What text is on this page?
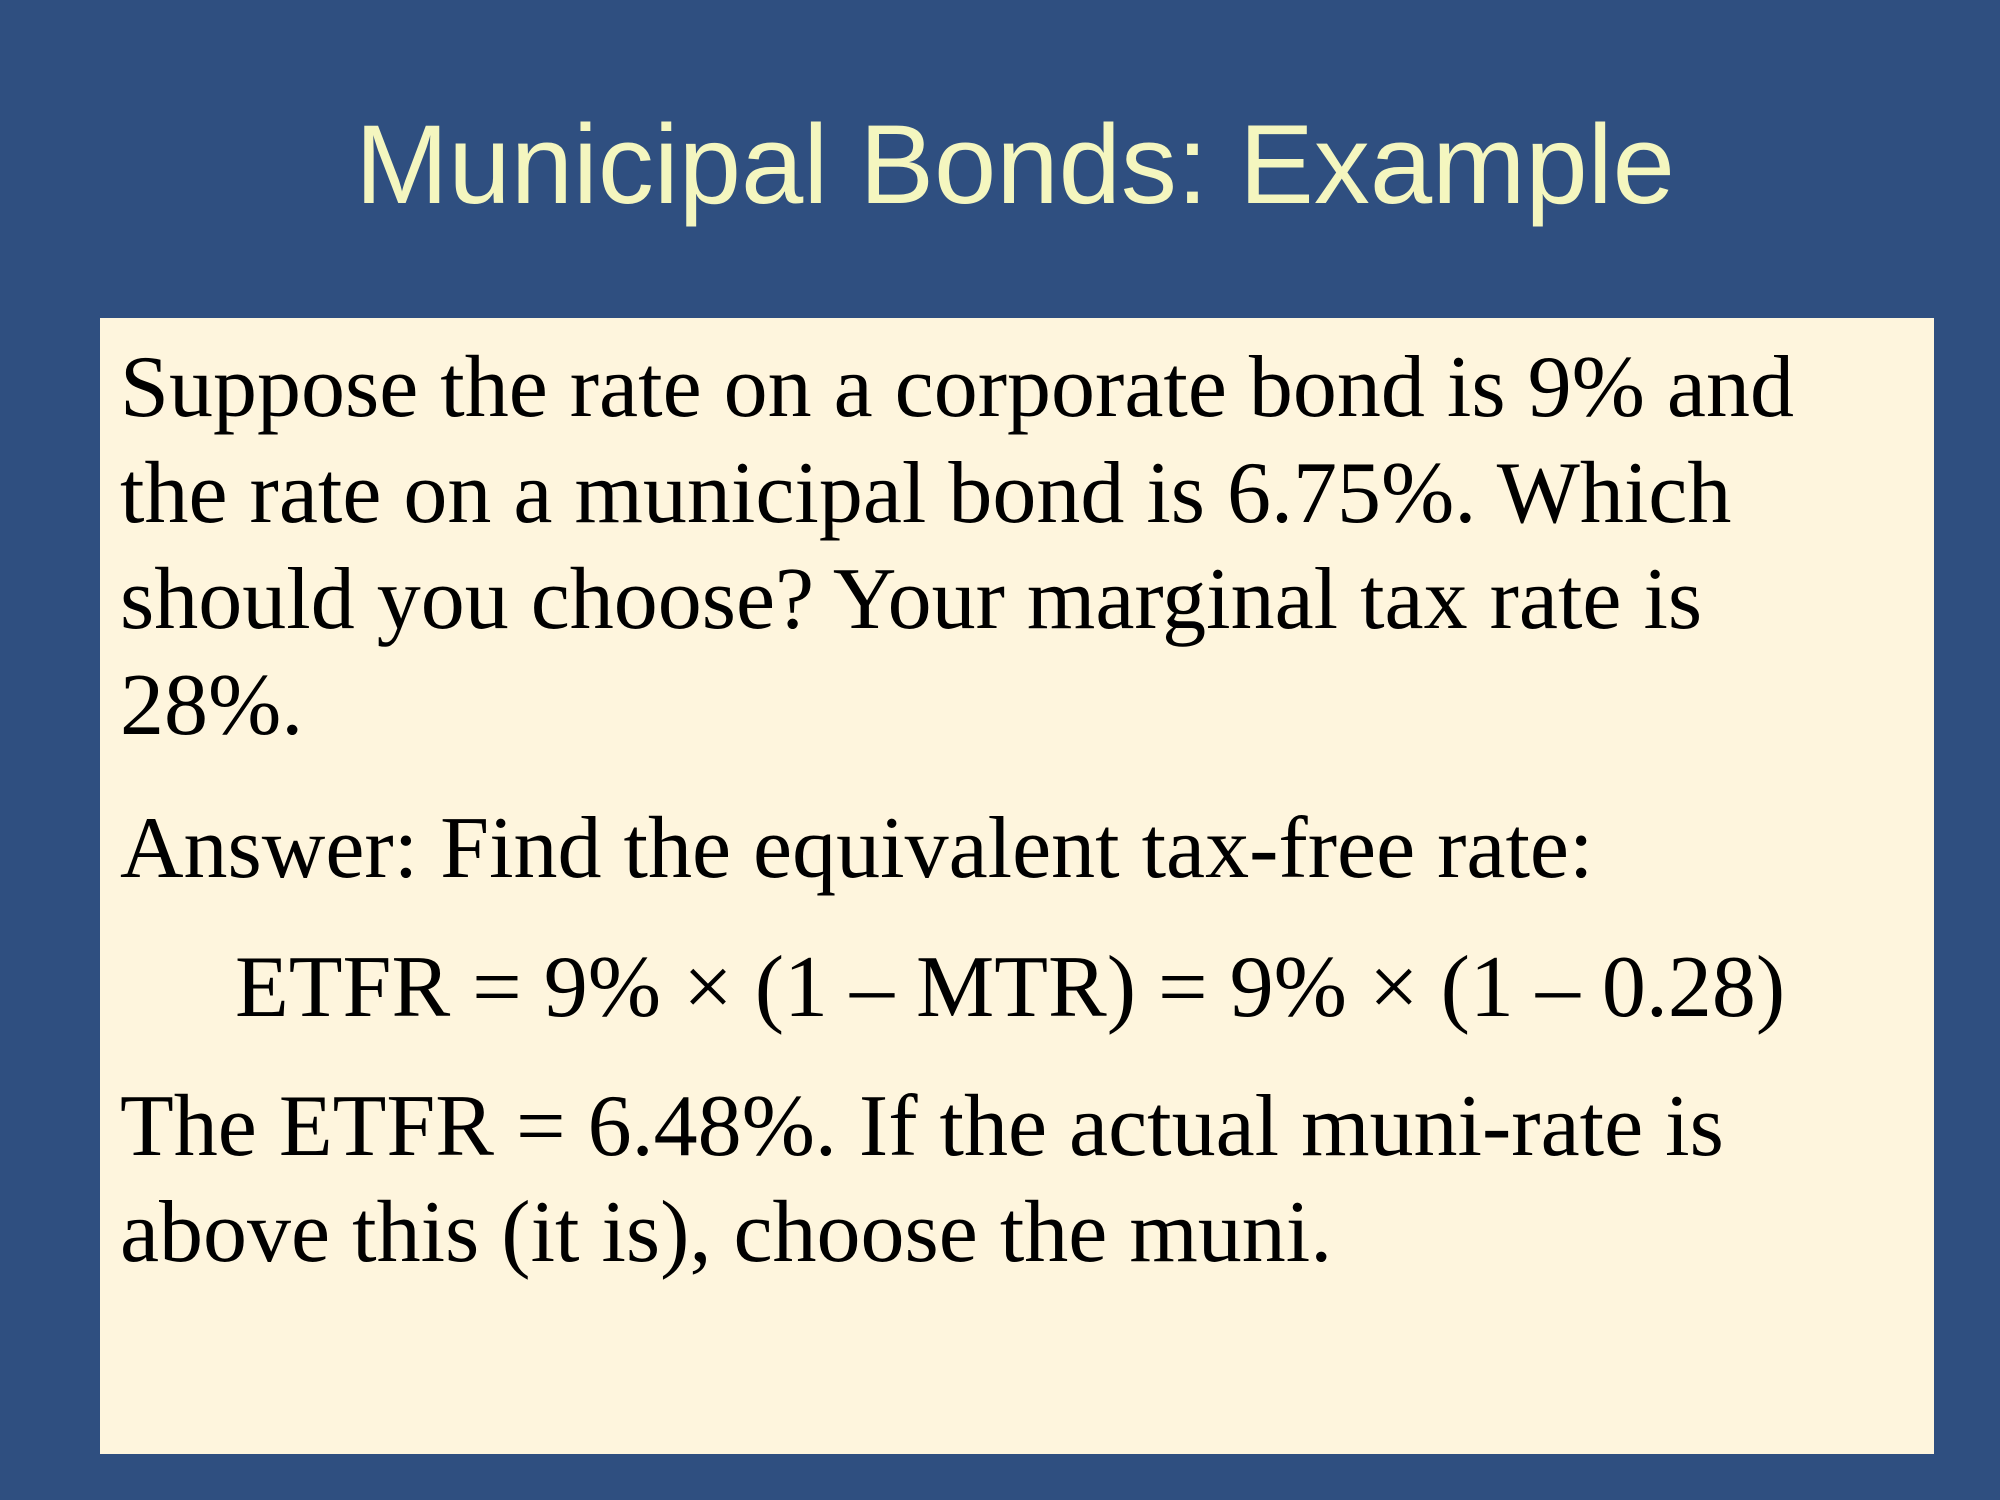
Municipal Bonds: Example

Suppose the rate on a corporate bond is 9% and
the rate on a municipal bond is 6.75%. Which
should you choose? Your marginal tax rate is
28%.

Answer: Find the equivalent tax-free rate:

ETFR = 9% × (1 – MTR) = 9% × (1 – 0.28)

The ETFR = 6.48%. If the actual muni-rate is
above this (it is), choose the muni.
